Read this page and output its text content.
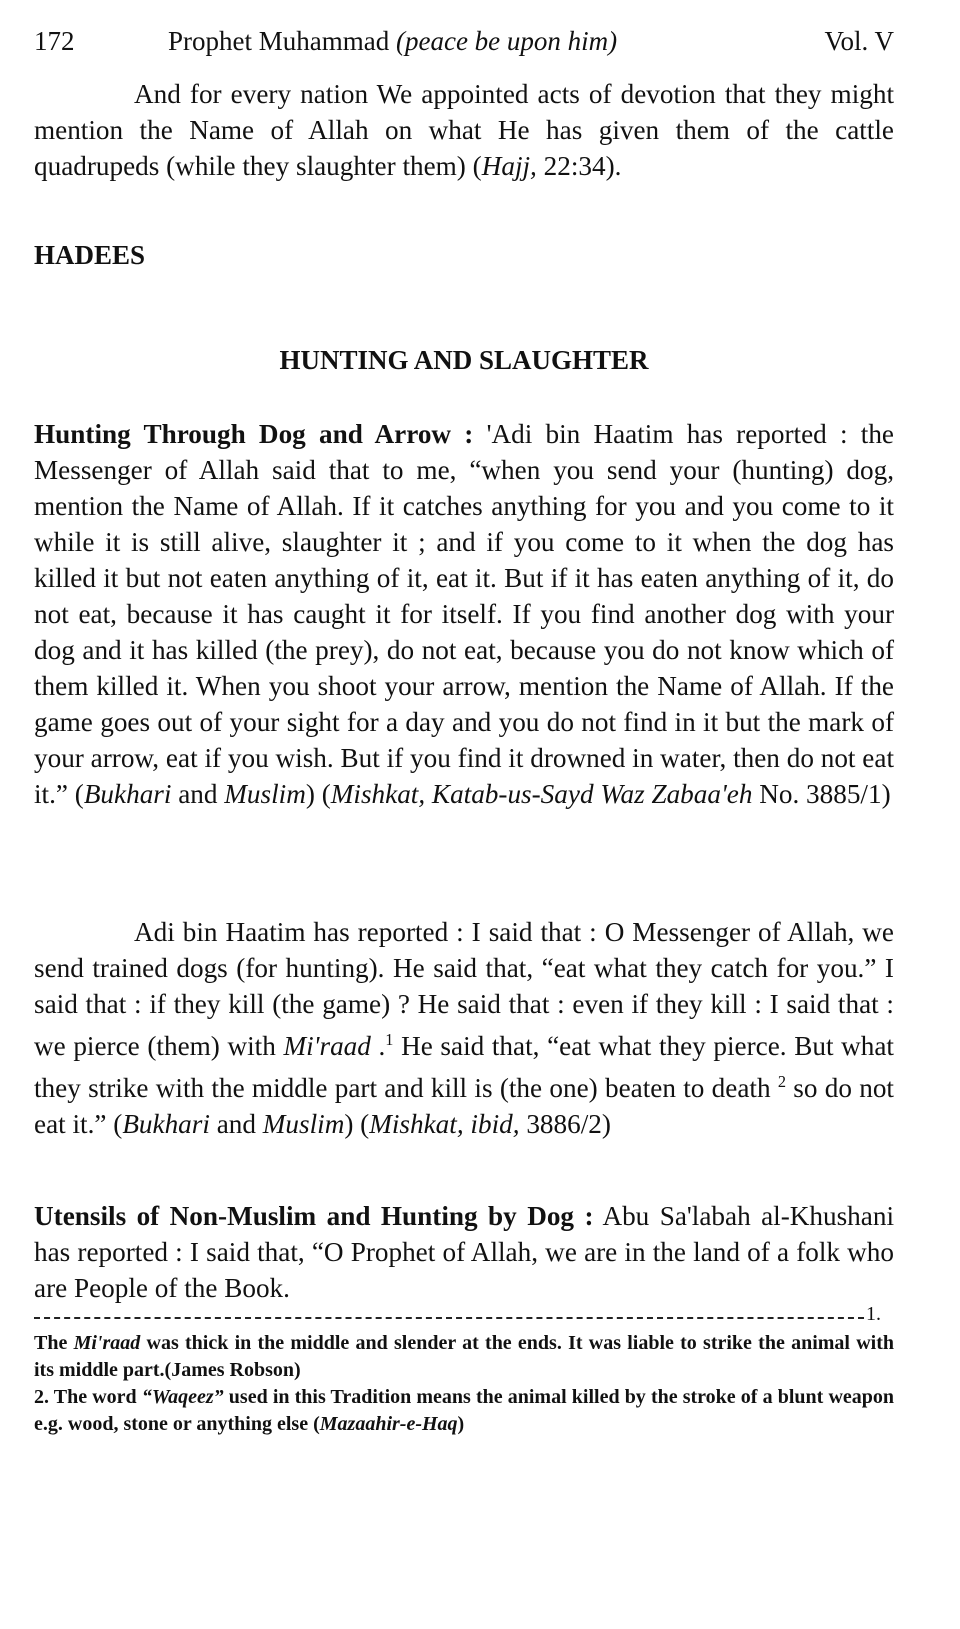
172	Prophet Muhammad (peace be upon him)	Vol. V

And for every nation We appointed acts of devotion that they might mention the Name of Allah on what He has given them of the cattle quadrupeds (while they slaughter them) (Hajj, 22:34).

HADEES
HUNTING AND SLAUGHTER

Hunting Through Dog and Arrow : 'Adi bin Haatim has reported : the Messenger of Allah said that to me, “when you send your (hunting) dog, mention the Name of Allah. If it catches anything for you and you come to it while it is still alive, slaughter it ; and if you come to it when the dog has killed it but not eaten anything of it, eat it. But if it has eaten anything of it, do not eat, because it has caught it for itself. If you find another dog with your dog and it has killed (the prey), do not eat, because you do not know which of them killed it. When you shoot your arrow, mention the Name of Allah. If the game goes out of your sight for a day and you do not find in it but the mark of your arrow, eat if you wish. But if you find it drowned in water, then do not eat it.” (Bukhari and Muslim) (Mishkat, Katab-us-Sayd Waz Zabaa'eh No. 3885/1)

Adi bin Haatim has reported : I said that : O Messenger of Allah, we send trained dogs (for hunting). He said that, “eat what they catch for you.” I said that : if they kill (the game) ? He said that : even if they kill : I said that : we pierce (them) with Mi'raad .$^1$ He said that, “eat what they pierce. But what they strike with the middle part and kill is (the one) beaten to death $^2$ so do not eat it.” (Bukhari and Muslim) (Mishkat, ibid, 3886/2)

Utensils of Non-Muslim and Hunting by Dog : Abu Sa'labah al-Khushani has reported : I said that, “O Prophet of Allah, we are in the land of a folk who are People of the Book.

1.

The Mi'raad was thick in the middle and slender at the ends. It was liable to strike the animal with its middle part.(James Robson)

2. The word “Waqeez” used in this Tradition means the animal killed by the stroke of a blunt weapon e.g. wood, stone or anything else (Mazaahir-e-Haq)
